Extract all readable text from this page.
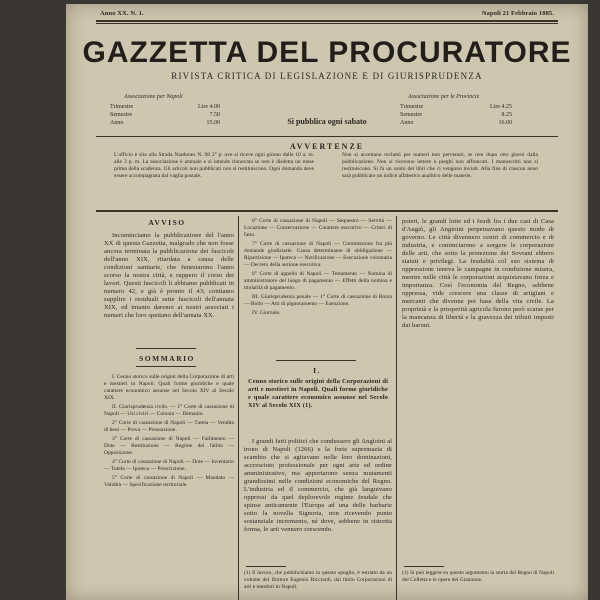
Anno XX. N. 1.	Napoli 21 Febbraio 1885.
GAZZETTA DEL PROCURATORE
RIVISTA CRITICA DI LEGISLAZIONE E DI GIURISPRUDENZA
Associazione per Napoli
Trimestre	Lire 4.00
Semestre	7.50
Anno	15.00	Si pubblica ogni sabato
Associazione per le Provincie
Trimestre	Lire 4.25
Semestre	8.25
Anno	16.00
AVVERTENZE
L'ufficio è sito alla Strada Nardones N. 98 2° p. ove si riceve ogni giorno dalle 10 a. m. alle 3 p. m. La associazione è annuale e si intende rinnovata se non è disdetta un mese prima della scadenza. Gli articoli non pubblicati non si restituiscono. Ogni domanda deve essere accompagnata dal vaglia postale.
Non si accettano reclami per numeri non pervenuti, se non dopo otto giorni dalla pubblicazione. Non si ricevono lettere o pieghi non affrancati. I manoscritti non si restituiscono. Si fa un sunto dei libri che ci vengono inviati. Alla fine di ciascun anno sarà pubblicato un indice alfabetico analitico delle materie.
AVVISO
Incominciamo la pubblicazione del l'anno XX di questa Gazzetta, malgrado che non fosse ancora terminata la pubblicazione dei fascicoli dell'anno XIX, ritardata a causa delle condizioni sanitarie, che funestarono l'anno scorso la nostra città, e ruppero il corso dei lavori. Questi fascicoli li abbiamo pubblicati in numero 42, e già è pronto il 43; contiamo supplire i residuali sette fascicoli dell'annata XIX, ed intanto daremo ai nostri associati i numeri che loro spettano dell'annata XX.
SOMMARIO

I. Cenno storico sulle origini della Corporazione di arti e mestieri in Napoli. Quali forme giuridiche e quale carattere economico assunse nel Secolo XIV al Secolo XIX.

II. Giurisprudenza civile. — 1° Corte di cassazione di Napoli — Usi civici — Colonia — Demanio.

2° Corte di cassazione di Napoli — Tutela — Vendita di beni — Prova — Presunzione.

3° Corte di cassazione di Napoli — Fallimento — Dote — Restituzione — Regime del fallito — Opposizione.

4° Corte di cassazione di Napoli — Dote — Inventario — Tutela — Ipoteca — Prescrizione.

5° Corte di cassazione di Napoli — Mandato — Validità — Specificazione territoriale.

6° Corte di cassazione di Napoli — Sequestro — Servitù — Locazione — Conservazione — Carattere esecutivo — Criteri di fatto.

7° Corte di cassazione di Napoli — Commissione fra più domande giudiziarie. Causa determinante di obbligazione — Ripartizione — Ipoteca — Notificazione — Esecuzione volontaria — Decreto della sezione esecutiva.

8° Corte di appello di Napoli — Testamento — Nomina di amministratore del luogo di pagamento — Effetti della nomina e titolarità di pagamento.

III. Giurisprudenza penale — 1° Corte di cassazione di Roma — Bollo — Atti di pignoramento — Esenzione.

IV. Giornale.

I.
Cenno storico sulle origini della Corporazioni di arti e mestieri in Napoli. Quali forme giuridiche e quale carattere economico assunse nel Secolo XIV al Secolo XIX (1).
I grandi fatti politici che condussero gli Angioini al trono di Napoli (1266) e la forte supremazia di scambio che si agitavano nelle loro dominazioni, accresciuto professionale per ogni arte ed ordine amministrativo, ma apportarono senza mutamenti grandissimi nelle condizioni economiche del Regno. L'industria ed il commercio, che già languivano oppressi da quel deplorevole regime feudale che spinse anticamente l'Europa ad una delle barbarie sotto la novella Signoria, non ricevendo punto sostanziale incremento, né dove, sebbene in ristretta forma, le arti vennero crescendo.
(1) Il lavoro, che pubblichiamo in questo spoglio, è estratto da un volume del Dottore Eugenio Ricciardi, dal titolo Corporazioni di arti e mestieri in Napoli.
poteri, le grandi lotte ed i feudi fra i due casi di Casa d'Angiò, gli Angioini perpetuavano questo modo di governo. Le città divennero centri di commercio e di industria, e cominciarono a sorgere le corporazioni delle arti, che sotto la protezione dei Sovrani ebbero statuti e privilegi. La feudalità col suo sistema di oppressione teneva le campagne in condizione misera, mentre nelle città le corporazioni acquistavano forza e importanza. Così l'economia del Regno, sebbene oppressa, vide crescere una classe di artigiani e mercanti che divenne poi base della vita civile. La proprietà e la prosperità agricola furono però scarse per la mancanza di libertà e la gravezza dei tributi imposti dai baroni.
(1) Si può leggere su questo argomento la storia del Regno di Napoli del Colletta e le opere del Giannone.
